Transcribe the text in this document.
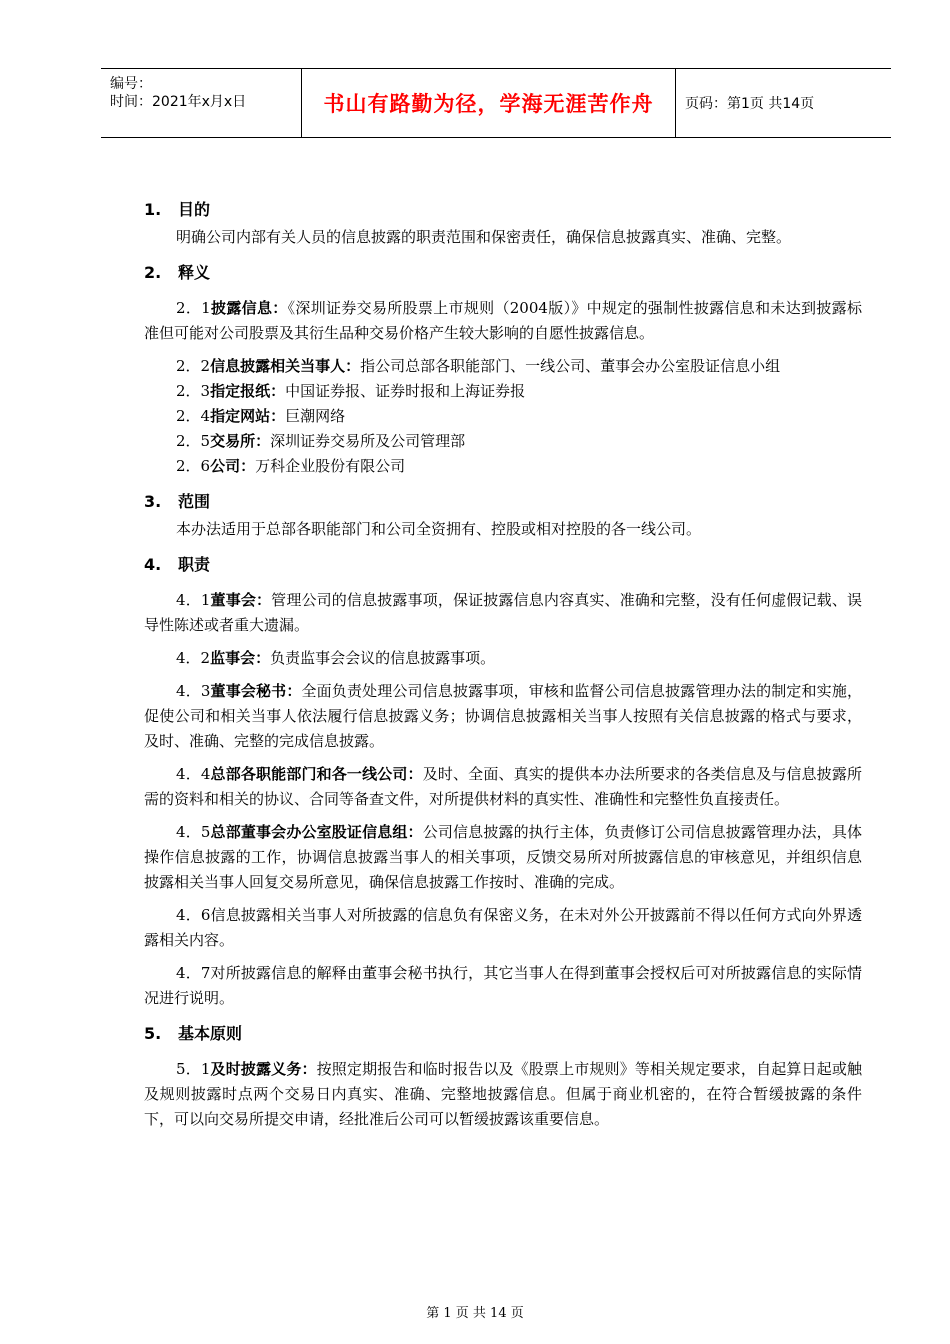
编号：
时间：2021年x月x日	书山有路勤为径，学海无涯苦作舟	页码：第1页 共14页
1. 目的

明确公司内部有关人员的信息披露的职责范围和保密责任，确保信息披露真实、准确、完整。

2. 释义

2．1披露信息：《深圳证券交易所股票上市规则（2004版）》中规定的强制性披露信息和未达到披露标准但可能对公司股票及其衍生品种交易价格产生较大影响的自愿性披露信息。

2．2信息披露相关当事人：指公司总部各职能部门、一线公司、董事会办公室股证信息小组

2．3指定报纸：中国证券报、证券时报和上海证券报

2．4指定网站：巨潮网络

2．5交易所：深圳证券交易所及公司管理部

2．6公司：万科企业股份有限公司

3. 范围

本办法适用于总部各职能部门和公司全资拥有、控股或相对控股的各一线公司。

4. 职责

4．1董事会：管理公司的信息披露事项，保证披露信息内容真实、准确和完整，没有任何虚假记载、误导性陈述或者重大遗漏。

4．2监事会：负责监事会会议的信息披露事项。

4．3董事会秘书：全面负责处理公司信息披露事项，审核和监督公司信息披露管理办法的制定和实施，促使公司和相关当事人依法履行信息披露义务；协调信息披露相关当事人按照有关信息披露的格式与要求，及时、准确、完整的完成信息披露。

4．4总部各职能部门和各一线公司：及时、全面、真实的提供本办法所要求的各类信息及与信息披露所需的资料和相关的协议、合同等备查文件，对所提供材料的真实性、准确性和完整性负直接责任。

4．5总部董事会办公室股证信息组：公司信息披露的执行主体，负责修订公司信息披露管理办法，具体操作信息披露的工作，协调信息披露当事人的相关事项，反馈交易所对所披露信息的审核意见，并组织信息披露相关当事人回复交易所意见，确保信息披露工作按时、准确的完成。

4．6信息披露相关当事人对所披露的信息负有保密义务，在未对外公开披露前不得以任何方式向外界透露相关内容。

4．7对所披露信息的解释由董事会秘书执行，其它当事人在得到董事会授权后可对所披露信息的实际情况进行说明。

5. 基本原则

5．1及时披露义务：按照定期报告和临时报告以及《股票上市规则》等相关规定要求，自起算日起或触及规则披露时点两个交易日内真实、准确、完整地披露信息。但属于商业机密的，在符合暂缓披露的条件下，可以向交易所提交申请，经批准后公司可以暂缓披露该重要信息。

第 1 页 共 14 页
